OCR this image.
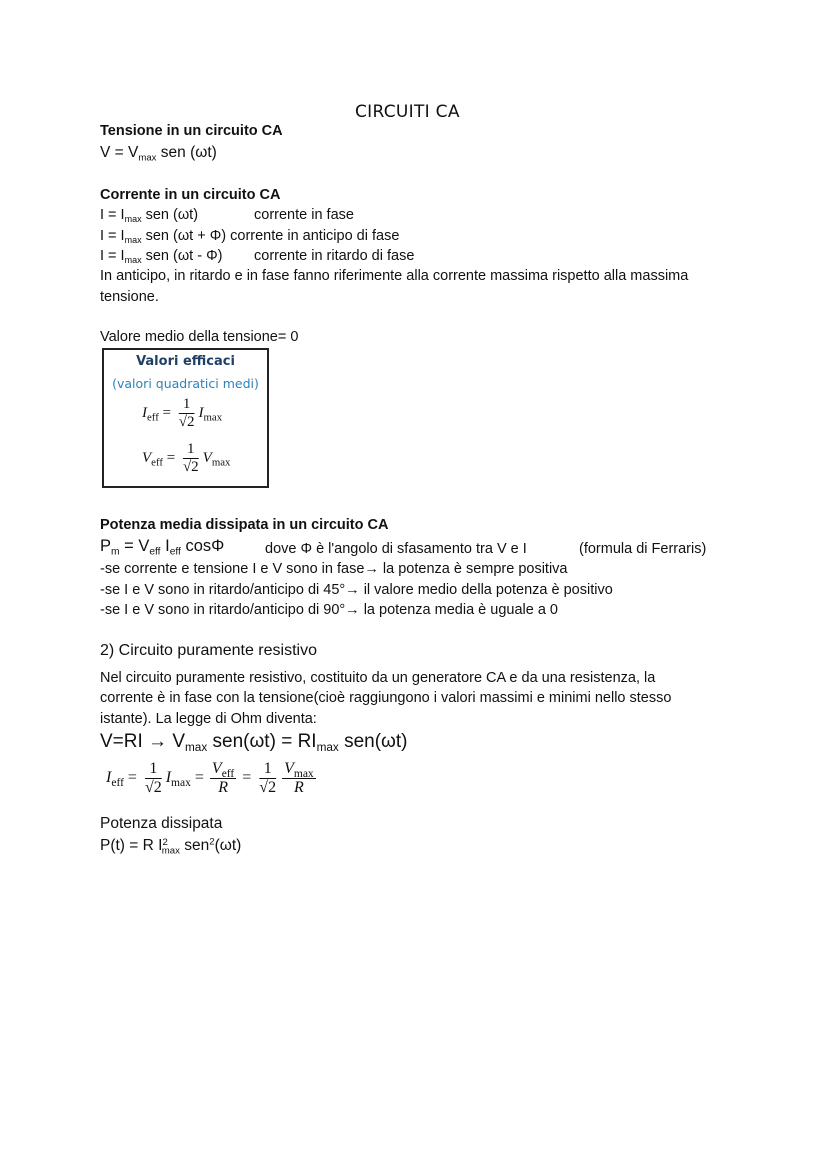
CIRCUITI CA
Tensione in un circuito CA
$V = V_{max}$ sen (ωt)
Corrente in un circuito CA
$I = I_{max}$ sen (ωt)	corrente in fase
$I = I_{max}$ sen (ωt + Φ) corrente in anticipo di fase
$I = I_{max}$ sen (ωt - Φ) corrente in ritardo di fase
In anticipo, in ritardo e in fase fanno riferimente alla corrente massima rispetto alla massima
tensione.
Valore medio della tensione= 0
Valori efficaci
(valori quadratici medi)
$I_{eff} = \frac{1}{√2} I_{max}$
$V_{eff} = \frac{1}{√2} V_{max}$
Potenza media dissipata in un circuito CA
$P_m = V_{eff}$ $I_{eff}$ cosΦ	dove Φ è l'angolo di sfasamento tra V e I	(formula di Ferraris)
-se corrente e tensione I e V sono in fase→ la potenza è sempre positiva
-se I e V sono in ritardo/anticipo di 45°→ il valore medio della potenza è positivo
-se I e V sono in ritardo/anticipo di 90°→ la potenza media è uguale a 0
2) Circuito puramente resistivo
Nel circuito puramente resistivo, costituito da un generatore CA e da una resistenza, la
corrente è in fase con la tensione(cioè raggiungono i valori massimi e minimi nello stesso
istante). La legge di Ohm diventa:
$V=RI \to V_{max}$ $sen(\omega t) = RI_{max}$ sen(ωt)
$I_{eff} = \frac{1}{√2} I_{max} = \frac{V_{eff}}{R} = \frac{1}{√2} \frac{V_{max}}{R}$
Potenza dissipata
P(t) = R $I^2_{max}$ sen$^2$(ωt)
